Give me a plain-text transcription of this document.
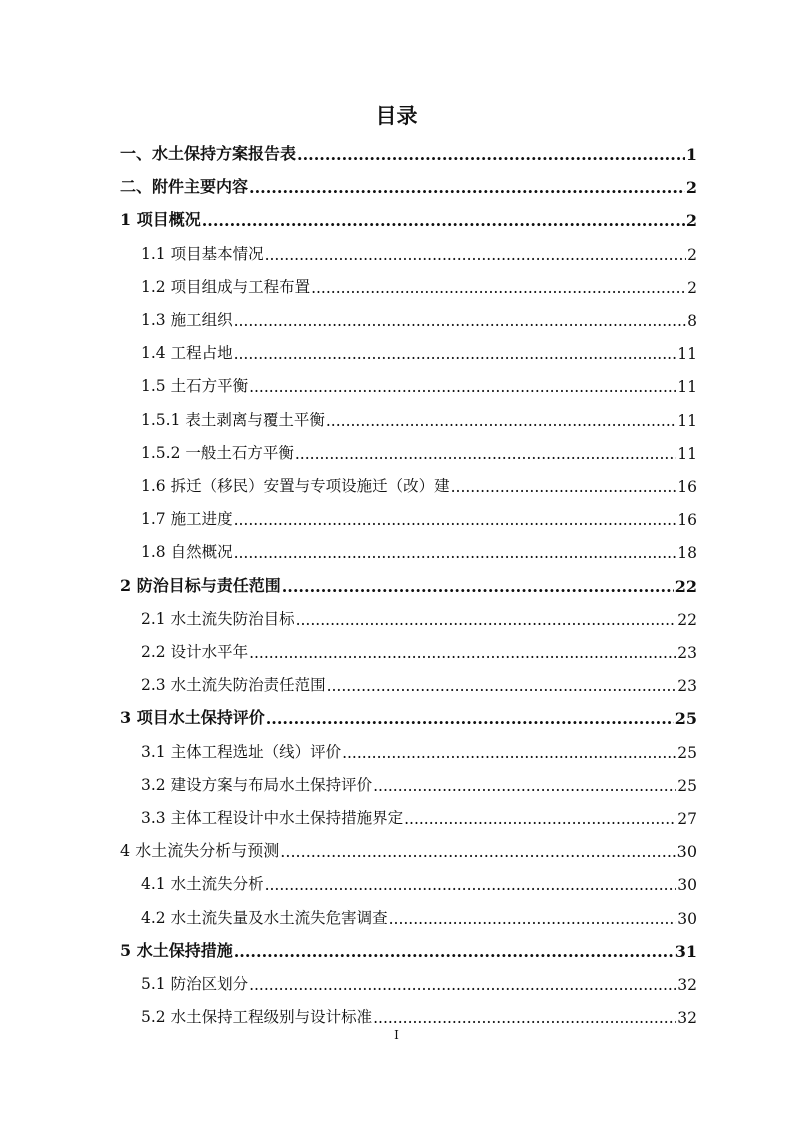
目录
一、水土保持方案报告表 .....	1
二、附件主要内容 .....	2
1 项目概况 .....	2
1.1 项目基本情况 .....	2
1.2 项目组成与工程布置 .....	2
1.3 施工组织 .....	8
1.4 工程占地 .....	11
1.5 土石方平衡 .....	11
1.5.1 表土剥离与覆土平衡 .....	11
1.5.2 一般土石方平衡 .....	11
1.6 拆迁（移民）安置与专项设施迁（改）建 .....	16
1.7 施工进度 .....	16
1.8 自然概况 .....	18
2 防治目标与责任范围 .....	22
2.1 水土流失防治目标 .....	22
2.2 设计水平年 .....	23
2.3 水土流失防治责任范围 .....	23
3 项目水土保持评价 .....	25
3.1 主体工程选址（线）评价 .....	25
3.2 建设方案与布局水土保持评价 .....	25
3.3 主体工程设计中水土保持措施界定 .....	27
4 水土流失分析与预测 .....	30
4.1 水土流失分析 .....	30
4.2 水土流失量及水土流失危害调查 .....	30
5 水土保持措施 .....	31
5.1 防治区划分 .....	32
5.2 水土保持工程级别与设计标准 .....	32
I
